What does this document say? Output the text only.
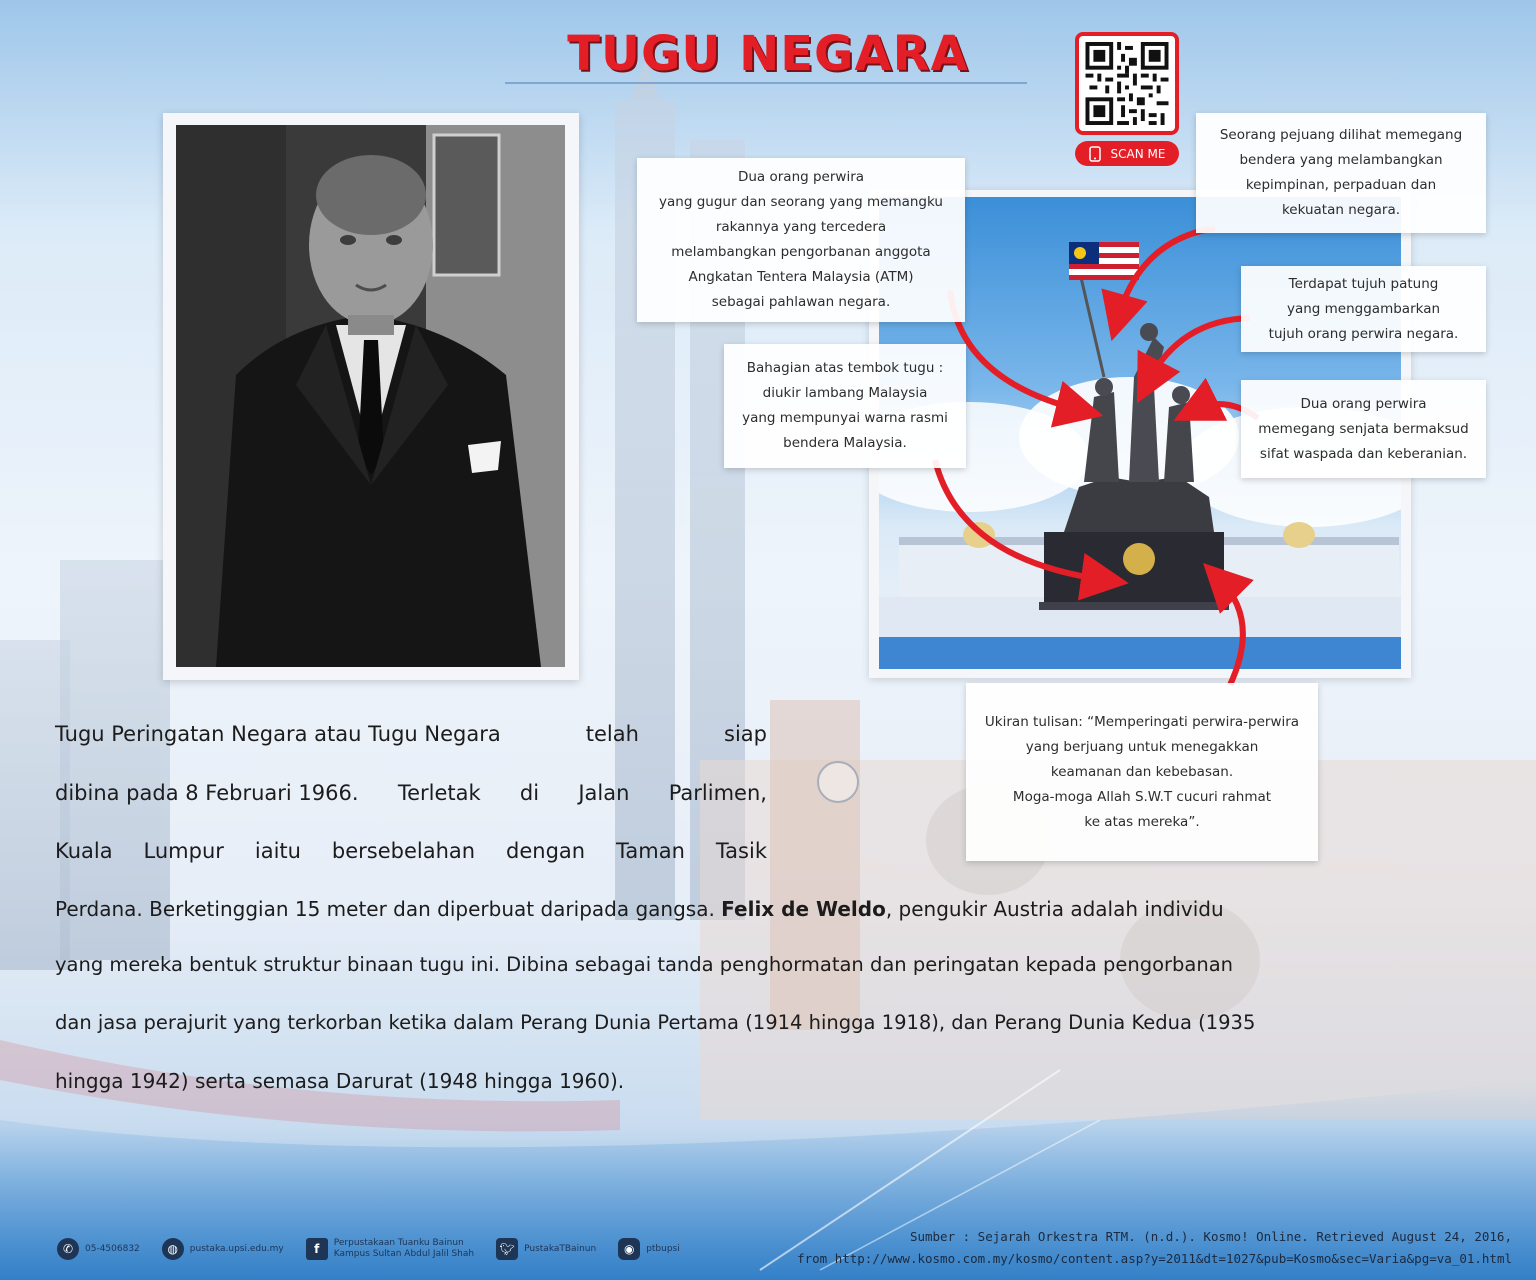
TUGU NEGARA
SCAN ME
Dua orang perwira
yang gugur dan seorang yang memangku
rakannya yang tercedera
melambangkan pengorbanan anggota
Angkatan Tentera Malaysia (ATM)
sebagai pahlawan negara.
Bahagian atas tembok tugu :
diukir lambang Malaysia
yang mempunyai warna rasmi
bendera Malaysia.
Seorang pejuang dilihat memegang
bendera yang melambangkan
kepimpinan, perpaduan dan
kekuatan negara.
Terdapat tujuh patung
yang menggambarkan
tujuh orang perwira negara.
Dua orang perwira
memegang senjata bermaksud
sifat waspada dan keberanian.
Ukiran tulisan: “Memperingati perwira-perwira
yang berjuang untuk menegakkan
keamanan dan kebebasan.
Moga-moga Allah S.W.T cucuri rahmat
ke atas mereka”.
Tugu Peringatan Negara atau Tugu Negara	telah	siap
dibina pada 8 Februari 1966. Terletak di Jalan Parlimen,
Kuala Lumpur iaitu bersebelahan dengan Taman Tasik
Perdana. Berketinggian 15 meter dan diperbuat daripada gangsa. Felix de Weldo, pengukir Austria adalah individu
yang mereka bentuk struktur binaan tugu ini. Dibina sebagai tanda penghormatan dan peringatan kepada pengorbanan
dan jasa perajurit yang terkorban ketika dalam Perang Dunia Pertama (1914 hingga 1918), dan Perang Dunia Kedua (1935
hingga 1942) serta semasa Darurat (1948 hingga 1960).
✆	05-4506832	◍	pustaka.upsi.edu.my	f	Perpustakaan Tuanku Bainun
Kampus Sultan Abdul Jalil Shah 🐦︎	PustakaTBainun	◉	ptbupsi
Sumber : Sejarah Orkestra RTM. (n.d.). Kosmo! Online. Retrieved August 24, 2016,
from http://www.kosmo.com.my/kosmo/content.asp?y=2011&dt=1027&pub=Kosmo&sec=Varia&pg=va_01.html
